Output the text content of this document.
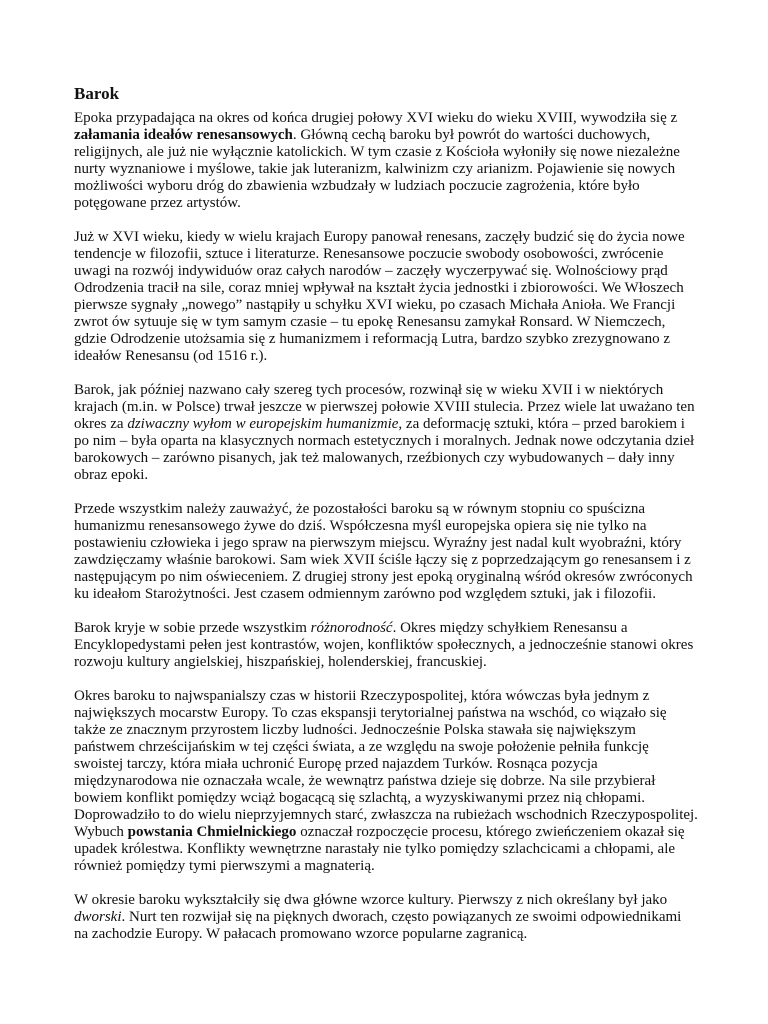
Barok

Epoka przypadająca na okres od końca drugiej połowy XVI wieku do wieku XVIII, wywodziła się z załamania ideałów renesansowych. Główną cechą baroku był powrót do wartości duchowych, religijnych, ale już nie wyłącznie katolickich. W tym czasie z Kościoła wyłoniły się nowe niezależne nurty wyznaniowe i myślowe, takie jak luteranizm, kalwinizm czy arianizm. Pojawienie się nowych możliwości wyboru dróg do zbawienia wzbudzały w ludziach poczucie zagrożenia, które było potęgowane przez artystów.

Już w XVI wieku, kiedy w wielu krajach Europy panował renesans, zaczęły budzić się do życia nowe tendencje w filozofii, sztuce i literaturze. Renesansowe poczucie swobody osobowości, zwrócenie uwagi na rozwój indywiduów oraz całych narodów – zaczęły wyczerpywać się. Wolnościowy prąd Odrodzenia tracił na sile, coraz mniej wpływał na kształt życia jednostki i zbiorowości. We Włoszech pierwsze sygnały „nowego” nastąpiły u schyłku XVI wieku, po czasach Michała Anioła. We Francji zwrot ów sytuuje się w tym samym czasie – tu epokę Renesansu zamykał Ronsard. W Niemczech, gdzie Odrodzenie utożsamia się z humanizmem i reformacją Lutra, bardzo szybko zrezygnowano z ideałów Renesansu (od 1516 r.).

Barok, jak później nazwano cały szereg tych procesów, rozwinął się w wieku XVII i w niektórych krajach (m.in. w Polsce) trwał jeszcze w pierwszej połowie XVIII stulecia. Przez wiele lat uważano ten okres za dziwaczny wyłom w europejskim humanizmie, za deformację sztuki, która – przed barokiem i po nim – była oparta na klasycznych normach estetycznych i moralnych. Jednak nowe odczytania dzieł barokowych – zarówno pisanych, jak też malowanych, rzeźbionych czy wybudowanych – dały inny obraz epoki.

Przede wszystkim należy zauważyć, że pozostałości baroku są w równym stopniu co spuścizna humanizmu renesansowego żywe do dziś. Współczesna myśl europejska opiera się nie tylko na postawieniu człowieka i jego spraw na pierwszym miejscu. Wyraźny jest nadal kult wyobraźni, który zawdzięczamy właśnie barokowi. Sam wiek XVII ściśle łączy się z poprzedzającym go renesansem i z następującym po nim oświeceniem. Z drugiej strony jest epoką oryginalną wśród okresów zwróconych ku ideałom Starożytności. Jest czasem odmiennym zarówno pod względem sztuki, jak i filozofii.

Barok kryje w sobie przede wszystkim różnorodność. Okres między schyłkiem Renesansu a Encyklopedystami pełen jest kontrastów, wojen, konfliktów społecznych, a jednocześnie stanowi okres rozwoju kultury angielskiej, hiszpańskiej, holenderskiej, francuskiej.

Okres baroku to najwspanialszy czas w historii Rzeczypospolitej, która wówczas była jednym z największych mocarstw Europy. To czas ekspansji terytorialnej państwa na wschód, co wiązało się także ze znacznym przyrostem liczby ludności. Jednocześnie Polska stawała się największym państwem chrześcijańskim w tej części świata, a ze względu na swoje położenie pełniła funkcję swoistej tarczy, która miała uchronić Europę przed najazdem Turków. Rosnąca pozycja międzynarodowa nie oznaczała wcale, że wewnątrz państwa dzieje się dobrze. Na sile przybierał bowiem konflikt pomiędzy wciąż bogacącą się szlachtą, a wyzyskiwanymi przez nią chłopami. Doprowadziło to do wielu nieprzyjemnych starć, zwłaszcza na rubieżach wschodnich Rzeczypospolitej. Wybuch powstania Chmielnickiego oznaczał rozpoczęcie procesu, którego zwieńczeniem okazał się upadek królestwa. Konflikty wewnętrzne narastały nie tylko pomiędzy szlachcicami a chłopami, ale również pomiędzy tymi pierwszymi a magnaterią.

W okresie baroku wykształciły się dwa główne wzorce kultury. Pierwszy z nich określany był jako dworski. Nurt ten rozwijał się na pięknych dworach, często powiązanych ze swoimi odpowiednikami na zachodzie Europy. W pałacach promowano wzorce popularne zagranicą.
